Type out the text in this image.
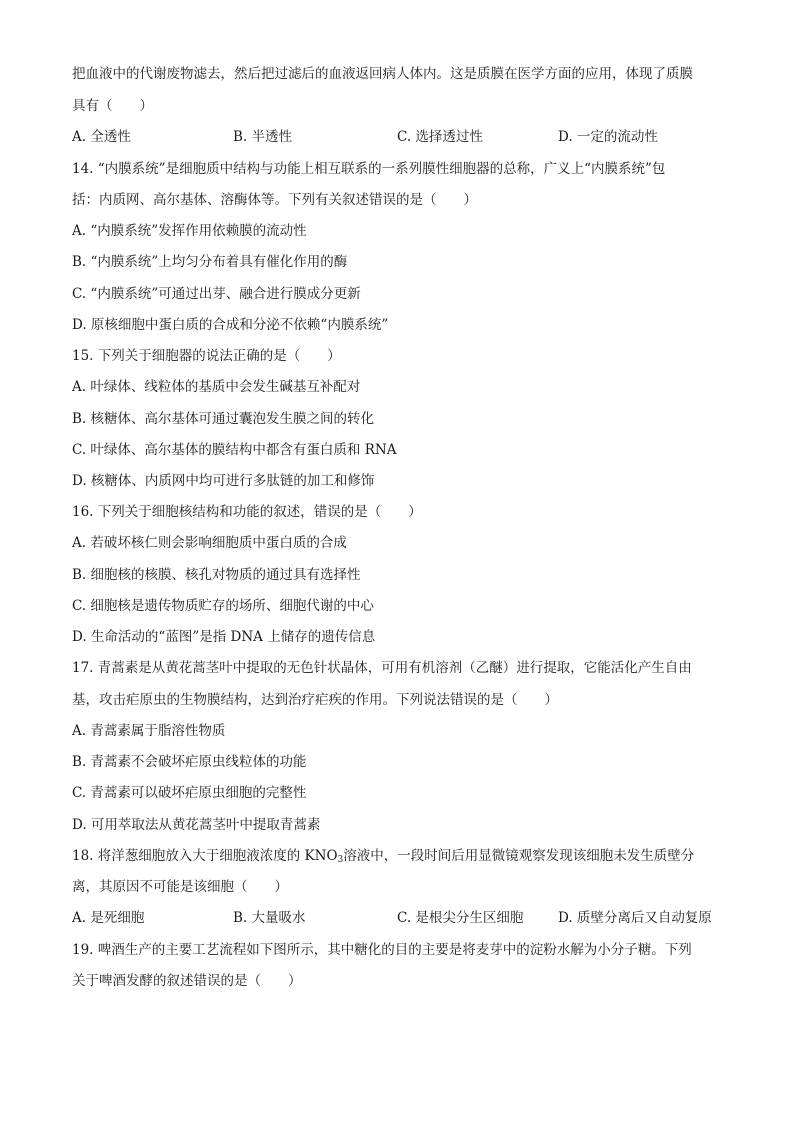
把血液中的代谢废物滤去，然后把过滤后的血液返回病人体内。这是质膜在医学方面的应用，体现了质膜
具有（　　）
A. 全透性	B. 半透性	C. 选择透过性	D. 一定的流动性
14. “内膜系统”是细胞质中结构与功能上相互联系的一系列膜性细胞器的总称，广义上“内膜系统”包
括：内质网、高尔基体、溶酶体等。下列有关叙述错误的是（　　）
A. “内膜系统”发挥作用依赖膜的流动性
B. “内膜系统”上均匀分布着具有催化作用的酶
C. “内膜系统”可通过出芽、融合进行膜成分更新
D. 原核细胞中蛋白质的合成和分泌不依赖“内膜系统”
15. 下列关于细胞器的说法正确的是（　　）
A. 叶绿体、线粒体的基质中会发生碱基互补配对
B. 核糖体、高尔基体可通过囊泡发生膜之间的转化
C. 叶绿体、高尔基体的膜结构中都含有蛋白质和 RNA
D. 核糖体、内质网中均可进行多肽链的加工和修饰
16. 下列关于细胞核结构和功能的叙述，错误的是（　　）
A. 若破坏核仁则会影响细胞质中蛋白质的合成
B. 细胞核的核膜、核孔对物质的通过具有选择性
C. 细胞核是遗传物质贮存的场所、细胞代谢的中心
D. 生命活动的“蓝图”是指 DNA 上储存的遗传信息
17. 青蒿素是从黄花蒿茎叶中提取的无色针状晶体，可用有机溶剂（乙醚）进行提取，它能活化产生自由
基，攻击疟原虫的生物膜结构，达到治疗疟疾的作用。下列说法错误的是（　　）
A. 青蒿素属于脂溶性物质
B. 青蒿素不会破坏疟原虫线粒体的功能
C. 青蒿素可以破坏疟原虫细胞的完整性
D. 可用萃取法从黄花蒿茎叶中提取青蒿素
18. 将洋葱细胞放入大于细胞液浓度的 $KNO_3$溶液中，一段时间后用显微镜观察发现该细胞未发生质壁分
离，其原因不可能是该细胞（　　）
A. 是死细胞	B. 大量吸水	C. 是根尖分生区细胞	D. 质壁分离后又自动复原
19. 啤酒生产的主要工艺流程如下图所示，其中糖化的目的主要是将麦芽中的淀粉水解为小分子糖。下列
关于啤酒发酵的叙述错误的是（　　）
